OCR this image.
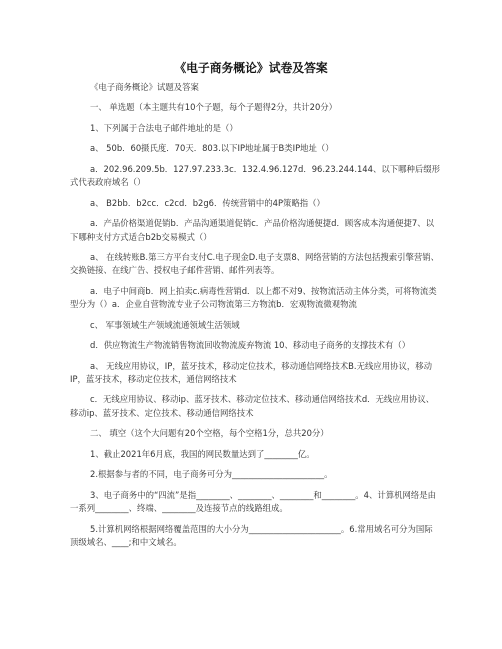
《电子商务概论》试卷及答案

《电子商务概论》试题及答案

一、 单选题（本主题共有10个子题，每个子题得2分，共计20分）

1、下列属于合法电子邮件地址的是（）

a、 50b．60摄氏度．70天．803.以下IP地址属于B类IP地址（）

a．202.96.209.5b．127.97.233.3c．132.4.96.127d．96.23.244.144、以下哪种后缀形式代表政府域名（）

a、 B2bb．b2cc．c2cd．b2g6．传统营销中的4P策略指（）

a．产品价格渠道促销b．产品沟通渠道促销c．产品价格沟通便捷d．顾客成本沟通便捷7、以下哪种支付方式适合b2b交易模式（）

a、 在线转账B.第三方平台支付C.电子现金D.电子支票8、网络营销的方法包括搜索引擎营销、交换链接、在线广告、授权电子邮件营销、邮件列表等。

a．电子中间商b．网上拍卖c.病毒性营销d．以上都不对9、按物流活动主体分类，可将物流类型分为（）a．企业自营物流专业子公司物流第三方物流b．宏观物流微观物流

c、 军事领域生产领域流通领域生活领域

d．供应物流生产物流销售物流回收物流废弃物流 10、移动电子商务的支撑技术有（）

a、 无线应用协议，IP，蓝牙技术，移动定位技术，移动通信网络技术B.无线应用协议，移动IP，蓝牙技术，移动定位技术，通信网络技术

c．无线应用协议、移动ip、蓝牙技术、移动定位技术、移动通信网络技术d．无线应用协议、移动ip、蓝牙技术、定位技术、移动通信网络技术

二、 填空（这个大问题有20个空格，每个空格1分，总共20分）

1、截止2021年6月底，我国的网民数量达到了________亿。

2.根据参与者的不同，电子商务可分为______________________。

3、电子商务中的“四流”是指________、________、________和________。4、计算机网络是由一系列________、终端、________及连接节点的线路组成。

5.计算机网络根据网络覆盖范围的大小分为______________________。6.常用域名可分为国际顶级域名、____;和中文域名。
